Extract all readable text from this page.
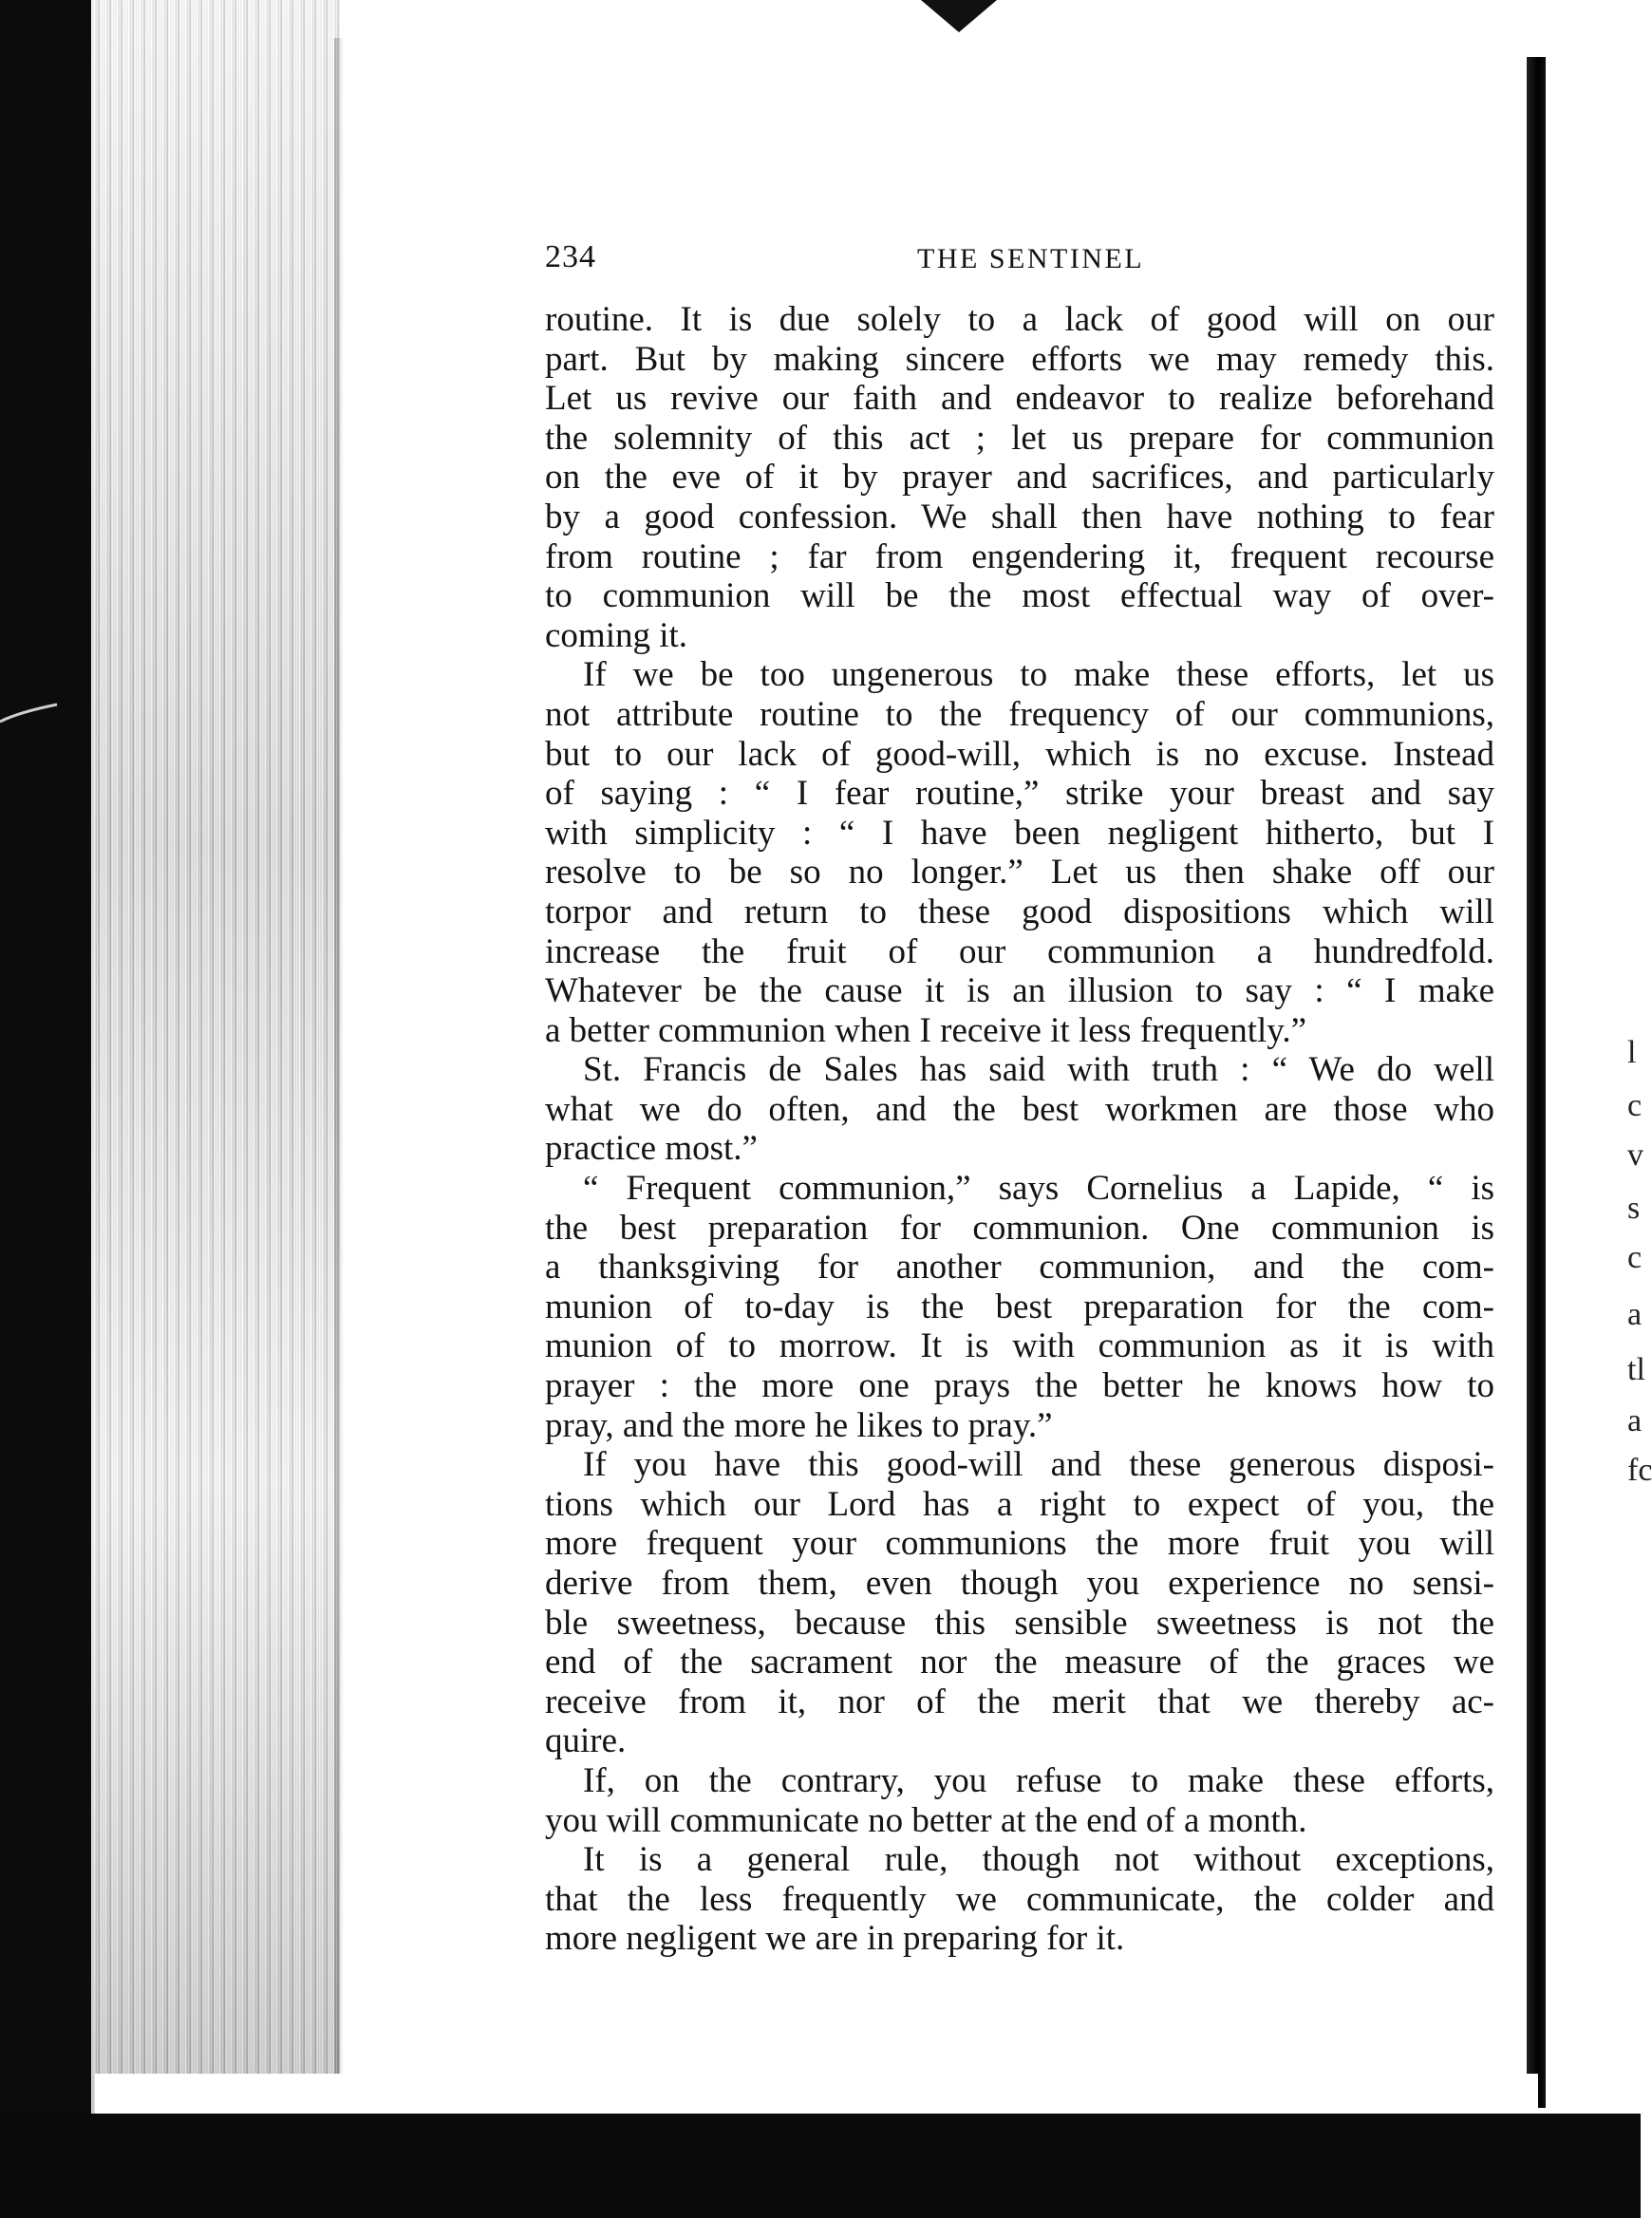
l
c
v
s
c
a
tl
a
fc
234	THE SENTINEL
routine. It is due solely to a lack of good will on our
part. But by making sincere efforts we may remedy this.
Let us revive our faith and endeavor to realize beforehand
the solemnity of this act ; let us prepare for communion
on the eve of it by prayer and sacrifices, and particularly
by a good confession. We shall then have nothing to fear
from routine ; far from engendering it, frequent recourse
to communion will be the most effectual way of over-
coming it.
If we be too ungenerous to make these efforts, let us
not attribute routine to the frequency of our communions,
but to our lack of good-will, which is no excuse. Instead
of saying : “ I fear routine,” strike your breast and say
with simplicity : “ I have been negligent hitherto, but I
resolve to be so no longer.” Let us then shake off our
torpor and return to these good dispositions which will
increase the fruit of our communion a hundredfold.
Whatever be the cause it is an illusion to say : “ I make
a better communion when I receive it less frequently.”
St. Francis de Sales has said with truth : “ We do well
what we do often, and the best workmen are those who
practice most.”
“ Frequent communion,” says Cornelius a Lapide, “ is
the best preparation for communion. One communion is
a thanksgiving for another communion, and the com-
munion of to-day is the best preparation for the com-
munion of to morrow. It is with communion as it is with
prayer : the more one prays the better he knows how to
pray, and the more he likes to pray.”
If you have this good-will and these generous disposi-
tions which our Lord has a right to expect of you, the
more frequent your communions the more fruit you will
derive from them, even though you experience no sensi-
ble sweetness, because this sensible sweetness is not the
end of the sacrament nor the measure of the graces we
receive from it, nor of the merit that we thereby ac-
quire.
If, on the contrary, you refuse to make these efforts,
you will communicate no better at the end of a month.
It is a general rule, though not without exceptions,
that the less frequently we communicate, the colder and
more negligent we are in preparing for it.
